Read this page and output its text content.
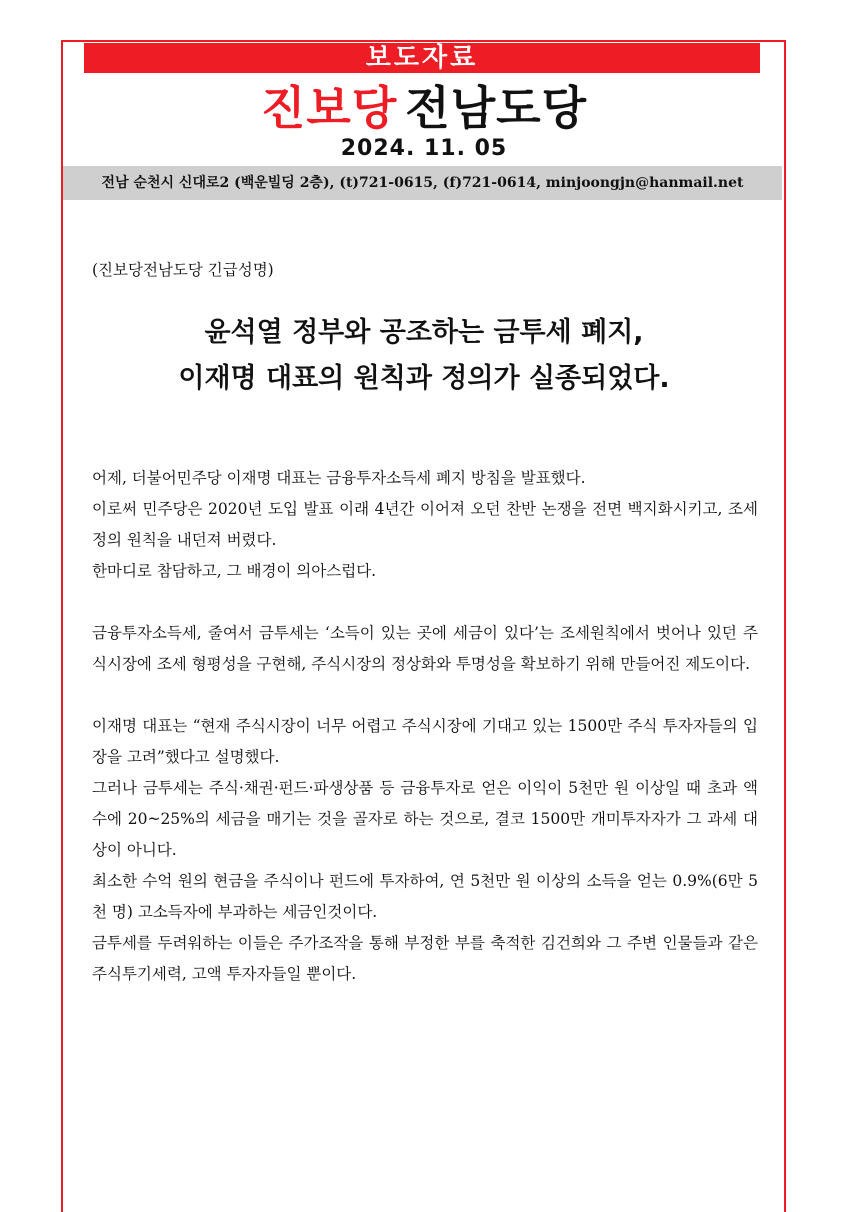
보도자료
진보당 전남도당
2024. 11. 05
전남 순천시 신대로2 (백운빌딩 2층), (t)721-0615, (f)721-0614, minjoongjn@hanmail.net
(진보당전남도당 긴급성명)
윤석열 정부와 공조하는 금투세 폐지,
이재명 대표의 원칙과 정의가 실종되었다.

어제, 더불어민주당 이재명 대표는 금융투자소득세 폐지 방침을 발표했다.

이로써 민주당은 2020년 도입 발표 이래 4년간 이어져 오던 찬반 논쟁을 전면 백지화시키고, 조세정의 원칙을 내던져 버렸다.

한마디로 참담하고, 그 배경이 의아스럽다.

금융투자소득세, 줄여서 금투세는 ‘소득이 있는 곳에 세금이 있다’는 조세원칙에서 벗어나 있던 주식시장에 조세 형평성을 구현해, 주식시장의 정상화와 투명성을 확보하기 위해 만들어진 제도이다.

이재명 대표는 “현재 주식시장이 너무 어렵고 주식시장에 기대고 있는 1500만 주식 투자자들의 입장을 고려”했다고 설명했다.

그러나 금투세는 주식·채권·펀드·파생상품 등 금융투자로 얻은 이익이 5천만 원 이상일 때 초과 액수에 20~25%의 세금을 매기는 것을 골자로 하는 것으로, 결코 1500만 개미투자자가 그 과세 대상이 아니다.

최소한 수억 원의 현금을 주식이나 펀드에 투자하여, 연 5천만 원 이상의 소득을 얻는 0.9%(6만 5천 명) 고소득자에 부과하는 세금인것이다.

금투세를 두려워하는 이들은 주가조작을 통해 부정한 부를 축적한 김건희와 그 주변 인물들과 같은 주식투기세력, 고액 투자자들일 뿐이다.
